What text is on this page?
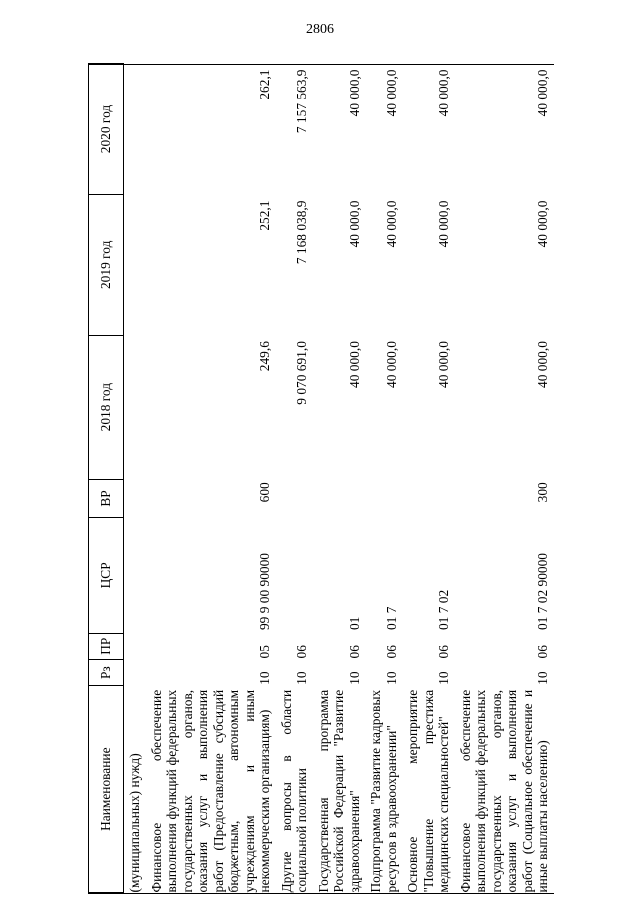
2806
Наименование	Рз	ПР	ЦСР	ВР	2018 год	2019 год	2020 год
(муниципальных) нужд)							
Финансовое обеспечение выполнения функций федеральных государственных органов, оказания услуг и выполнения работ (Предоставление субсидий бюджетным, автономным учреждениям и иным некоммерческим организациям)	10	05	99 9 00 90000	600	249,6	252,1	262,1
Другие вопросы в области социальной политики	10	06			9 070 691,0	7 168 038,9	7 157 563,9
Государственная программа Российской Федерации "Развитие здравоохранения"	10	06	01		40 000,0	40 000,0	40 000,0
Подпрограмма "Развитие кадровых ресурсов в здравоохранении"	10	06	01 7		40 000,0	40 000,0	40 000,0
Основное мероприятие "Повышение престижа медицинских специальностей"	10	06	01 7 02		40 000,0	40 000,0	40 000,0
Финансовое обеспечение выполнения функций федеральных государственных органов, оказания услуг и выполнения работ (Социальное обеспечение и иные выплаты населению)	10	06	01 7 02 90000	300	40 000,0	40 000,0	40 000,0
